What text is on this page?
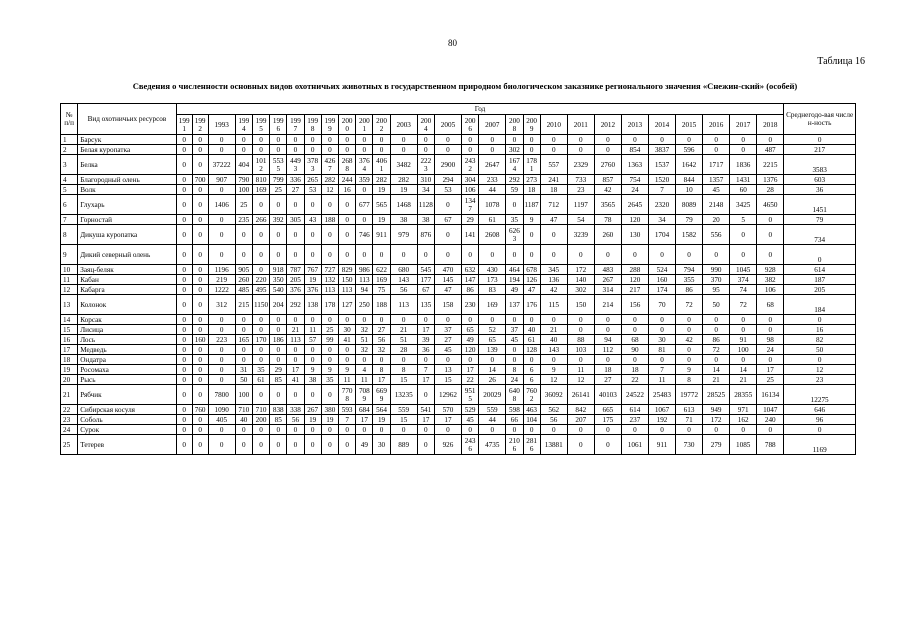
80
Таблица 16
Сведения о численности основных видов охотничьих животных в государственном природном биологическом заказнике регионального значения «Снежин-ский» (особей)
№ п/п	Вид охотничьих ресурсов	Год																												Среднегодо-вая числен-ность
		1991	1992	1993	1994	1995	1996	1997	1998	1999	2000	2001	2002	2003	2004	2005	2006	2007	2008	2009	2010	2011	2012	2013	2014	2015	2016	2017	2018	
1	Барсук	0	0	0	0	0	0	0	0	0	0	0	0	0	0	0	0	0	0	0	0	0	0	0	0	0	0	0	0	0
2	Белая куропатка	0	0	0	0	0	0	0	0	0	0	0	0	0	0	0	0	0	302	0	0	0	0	854	3837	596	0	0	487	217
3	Белка	0	0	37222	404	1012	5535	4493	3783	4267	2688	3764	4061	3482	2223	2900	2432	2647	1674	1781	557	2329	2760	1363	1537	1642	1717	1836	2215	3583
4	Благородный олень	0	700	907	790	810	799	336	265	282	244	359	282	282	310	294	304	233	292	273	241	733	857	754	1520	844	1357	1431	1376	603
5	Волк	0	0	0	100	169	25	27	53	12	16	0	19	19	34	53	106	44	59	18	18	23	42	24	7	10	45	60	28	36
6	Глухарь	0	0	1406	25	0	0	0	0	0	0	677	565	1468	1128	0	1347	1078	0	1187	712	1197	3565	2645	2320	8089	2148	3425	4650	1451
7	Горностай	0	0	0	235	266	392	305	43	188	0	0	19	38	38	67	29	61	35	9	47	54	78	120	34	79	20	5	0	79
8	Дикуша куропатка	0	0	0	0	0	0	0	0	0	0	746	911	979	876	0	141	2608	6263	0	0	3239	260	130	1704	1582	556	0	0	734
9	Дикий северный олень	0	0	0	0	0	0	0	0	0	0	0	0	0	0	0	0	0	0	0	0	0	0	0	0	0	0	0	0	0
10	Заяц-беляк	0	0	1196	905	0	918	787	767	727	829	986	622	680	545	470	632	430	464	678	345	172	483	288	524	794	990	1045	928	614
11	Кабан	0	0	219	260	220	350	205	19	132	150	113	169	143	177	145	147	173	194	126	136	140	267	120	160	355	370	374	382	187
12	Кабарга	0	0	1222	485	495	540	376	376	113	113	94	75	56	67	47	86	83	49	47	42	302	314	217	174	86	95	74	106	205
13	Колонок	0	0	312	215	1150	204	292	138	178	127	250	188	113	135	158	230	169	137	176	115	150	214	156	70	72	50	72	68	184
14	Корсак	0	0	0	0	0	0	0	0	0	0	0	0	0	0	0	0	0	0	0	0	0	0	0	0	0	0	0	0	0
15	Лисица	0	0	0	0	0	0	21	11	25	30	32	27	21	17	37	65	52	37	40	21	0	0	0	0	0	0	0	0	16
16	Лось	0	160	223	165	170	186	113	57	99	41	51	56	51	39	27	49	65	45	61	40	88	94	68	30	42	86	91	98	82
17	Медведь	0	0	0	0	0	0	0	0	0	0	32	32	28	36	45	120	139	0	128	143	103	112	90	81	0	72	100	24	50
18	Ондатра	0	0	0	0	0	0	0	0	0	0	0	0	0	0	0	0	0	0	0	0	0	0	0	0	0	0	0	0	0
19	Росомаха	0	0	0	31	35	29	17	9	9	9	4	8	8	7	13	17	14	8	6	9	11	18	18	7	9	14	14	17	12
20	Рысь	0	0	0	50	61	85	41	38	35	11	11	17	15	17	15	22	26	24	6	12	12	27	22	11	8	21	21	25	23
21	Рябчик	0	0	7800	100	0	0	0	0	0	7708	7089	6699	13235	0	12962	9515	20029	6408	7602	36092	26141	40103	24522	25483	19772	28525	28355	16134	12275
22	Сибирская косуля	0	760	1090	710	710	838	338	267	380	593	684	564	559	541	570	529	559	598	463	562	842	665	614	1067	613	949	971	1047	646
23	Соболь	0	0	405	40	200	85	56	19	19	7	17	19	15	17	17	45	44	66	104	56	207	175	237	192	71	172	162	240	96
24	Сурок	0	0	0	0	0	0	0	0	0	0	0	0	0	0	0	0	0	0	0	0	0	0	0	0	0	0	0	0	0
25	Тетерев	0	0	0	0	0	0	0	0	0	0	49	30	889	0	926	2436	4735	2106	2816	13881	0	0	1061	911	730	279	1085	788	1169
